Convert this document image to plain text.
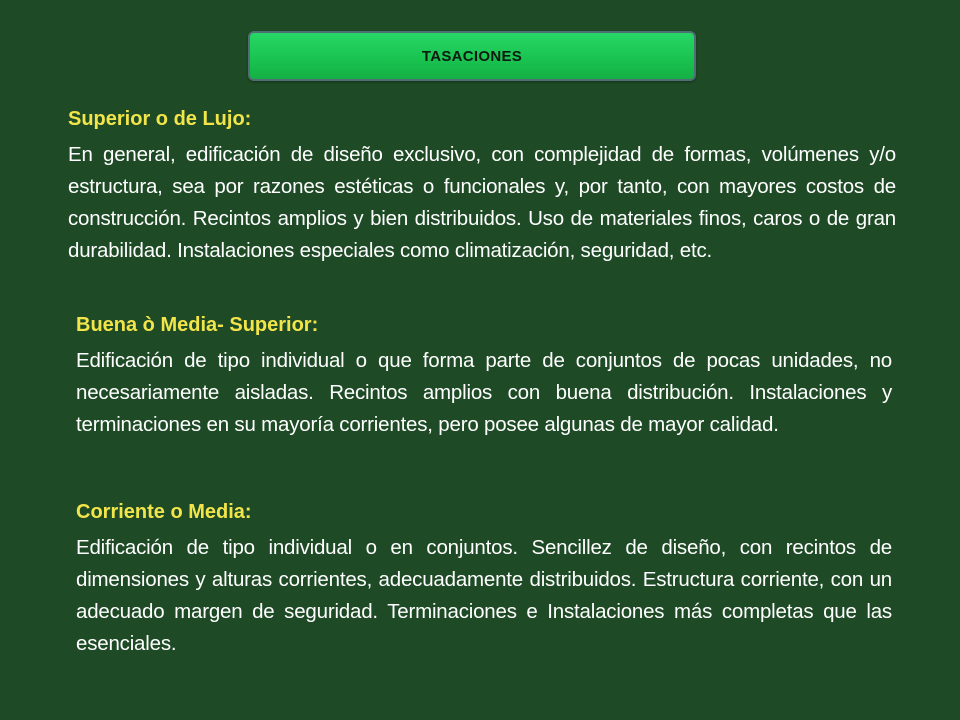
TASACIONES
Superior o de Lujo:

En general, edificación de diseño exclusivo, con complejidad de formas, volúmenes y/o estructura, sea por razones estéticas o funcionales y, por tanto, con mayores costos de construcción. Recintos amplios y bien distribuidos. Uso de materiales finos, caros o de gran durabilidad. Instalaciones especiales como climatización, seguridad, etc.

Buena ò Media- Superior:

Edificación de tipo individual o que forma parte de conjuntos de pocas unidades, no necesariamente aisladas. Recintos amplios con buena distribución. Instalaciones y terminaciones en su mayoría corrientes, pero posee algunas de mayor calidad.

Corriente o Media:

Edificación de tipo individual o en conjuntos. Sencillez de diseño, con recintos de dimensiones y alturas corrientes, adecuadamente distribuidos. Estructura corriente, con un adecuado margen de seguridad. Terminaciones e Instalaciones más completas que las esenciales.
